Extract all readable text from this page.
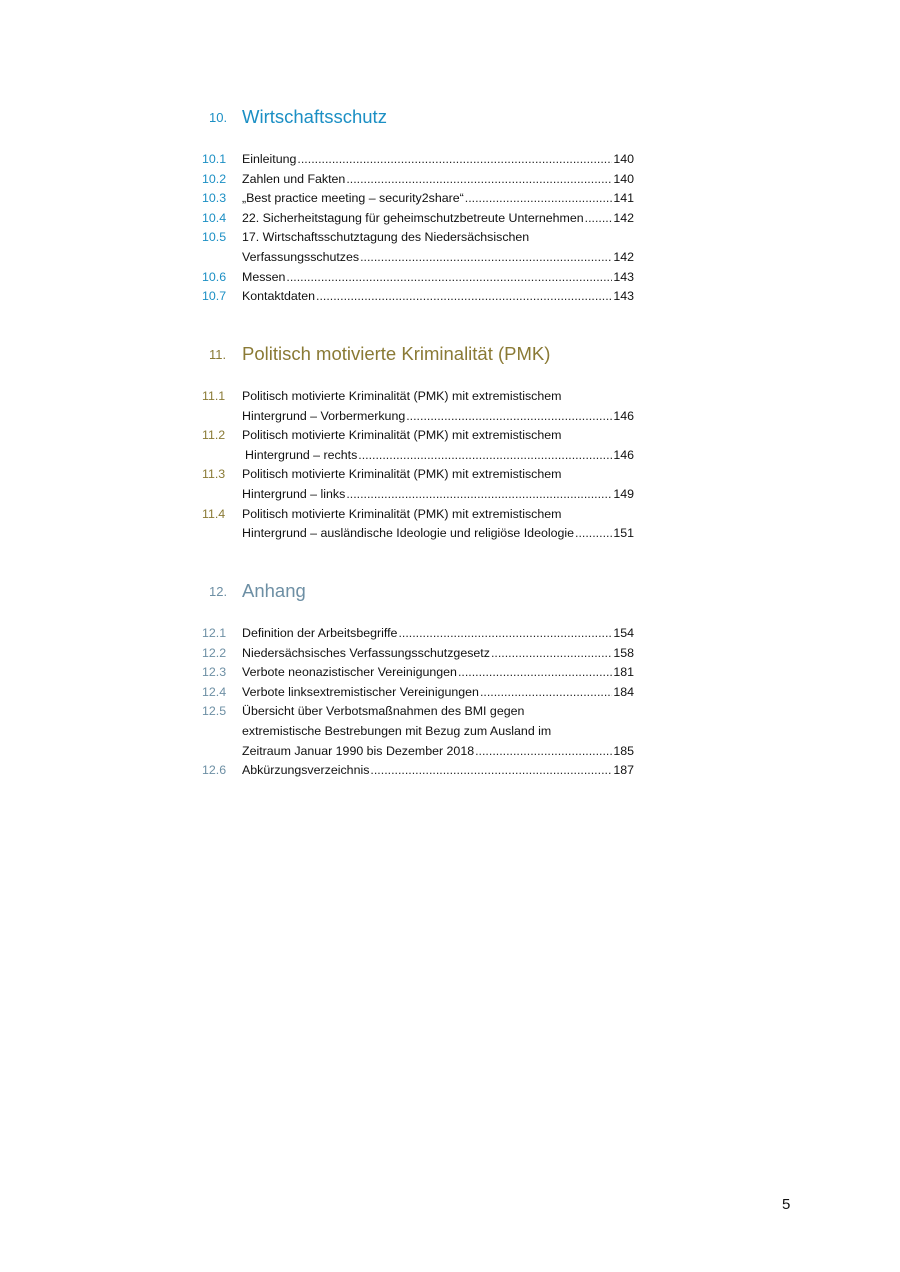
10. Wirtschaftsschutz
10.1 Einleitung .....	140
10.2 Zahlen und Fakten .....	140
10.3 „Best practice meeting – security2share“ .....	141
10.4 22. Sicherheitstagung für geheimschutzbetreute Unternehmen ..... 142
10.5 17. Wirtschaftsschutztagung des Niedersächsischen
Verfassungsschutzes .....	142
10.6 Messen .....	143
10.7 Kontaktdaten .....	143
11. Politisch motivierte Kriminalität (PMK)
11.1 Politisch motivierte Kriminalität (PMK) mit extremistischem
Hintergrund – Vorbermerkung .....	146
11.2 Politisch motivierte Kriminalität (PMK) mit extremistischem
Hintergrund – rechts .....	146
11.3 Politisch motivierte Kriminalität (PMK) mit extremistischem
Hintergrund – links .....	149
11.4 Politisch motivierte Kriminalität (PMK) mit extremistischem
Hintergrund – ausländische Ideologie und religiöse Ideologie .....	151
12. Anhang
12.1 Definition der Arbeitsbegriffe .....	154
12.2 Niedersächsisches Verfassungsschutzgesetz .....	158
12.3 Verbote neonazistischer Vereinigungen .....	181
12.4 Verbote linksextremistischer Vereinigungen .....	184
12.5 Übersicht über Verbotsmaßnahmen des BMI gegen
extremistische Bestrebungen mit Bezug zum Ausland im
Zeitraum Januar 1990 bis Dezember 2018 .....	185
12.6 Abkürzungsverzeichnis .....	187
5
